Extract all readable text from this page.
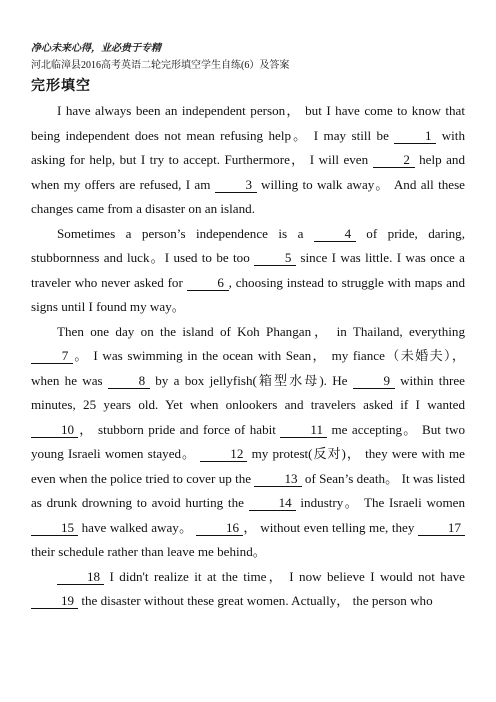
净心未来心得，业必贵于专精
河北临漳县2016高考英语二轮完形填空学生自练(6）及答案
完形填空

I have always been an independent person， but I have come to know that being independent does not mean refusing help。 I may still be 1 with asking for help, but I try to accept. Furthermore， I will even 2 help and when my offers are refused, I am 3 willing to walk away。 And all these changes came from a disaster on an island.

Sometimes a person’s independence is a 4 of pride, daring, stubbornness and luck。I used to be too 5 since I was little. I was once a traveler who never asked for 6 , choosing instead to struggle with maps and signs until I found my way。

Then one day on the island of Koh Phangan， in Thailand, everything 7 。 I was swimming in the ocean with Sean， my fiance（未婚夫）， when he was 8 by a box jellyfish(箱型水母). He 9 within three minutes, 25 years old. Yet when onlookers and travelers asked if I wanted 10 ， stubborn pride and force of habit 11 me accepting。 But two young Israeli women stayed。 12 my protest(反对)， they were with me even when the police tried to cover up the 13 of Sean’s death。 It was listed as drunk drowning to avoid hurting the 14 industry。 The Israeli women 15 have walked away。 16 ， without even telling me, they 17 their schedule rather than leave me behind。

18 I didn't realize it at the time， I now believe I would not have 19 the disaster without these great women. Actually， the person who
